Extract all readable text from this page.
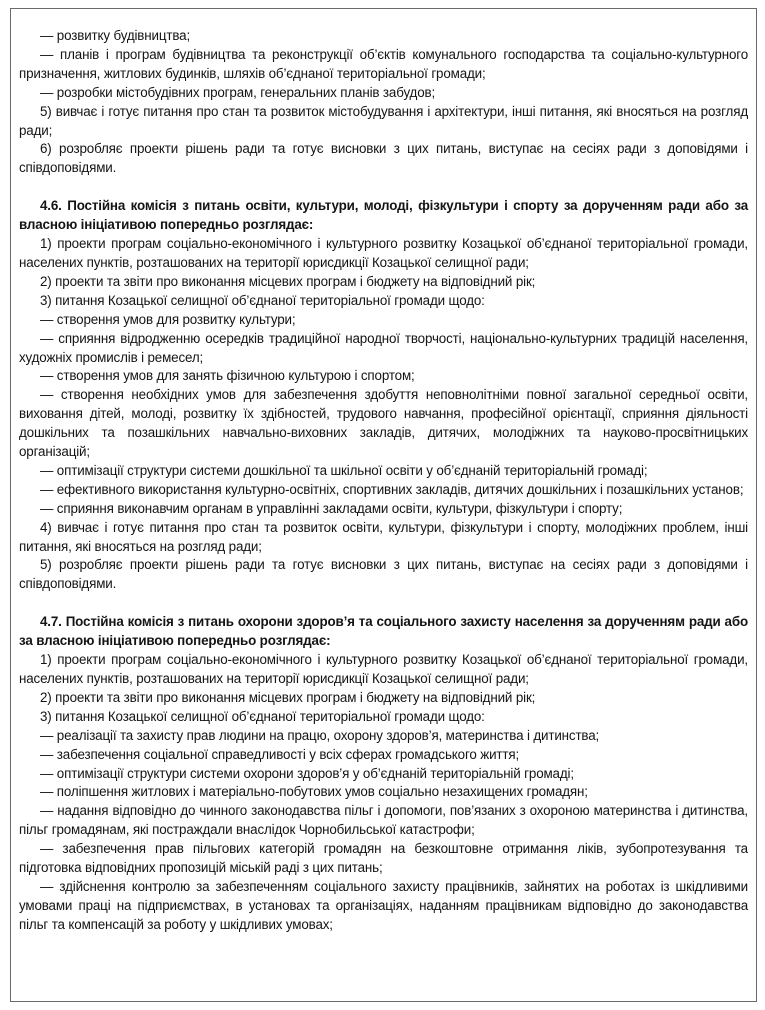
— розвитку будівництва;

— планів і програм будівництва та реконструкції об’єктів комунального господарства та соціально-культурного призначення, житлових будинків, шляхів об’єднаної територіальної громади;

— розробки містобудівних програм, генеральних планів забудов;

5) вивчає і готує питання про стан та розвиток містобудування і архітектури, інші питання, які вносяться на розгляд ради;

6) розробляє проекти рішень ради та готує висновки з цих питань, виступає на сесіях ради з доповідями і співдоповідями.

4.6. Постійна комісія з питань освіти, культури, молоді, фізкультури і спорту за дорученням ради або за власною ініціативою попередньо розглядає:

1) проекти програм соціально-економічного і культурного розвитку Козацької об’єднаної територіальної громади, населених пунктів, розташованих на території юрисдикції Козацької селищної ради;

2) проекти та звіти про виконання місцевих програм і бюджету на відповідний рік;

3) питання Козацької селищної об’єднаної територіальної громади щодо:

— створення умов для розвитку культури;

— сприяння відродженню осередків традиційної народної творчості, національно-культурних традицій населення, художніх промислів і ремесел;

— створення умов для занять фізичною культурою і спортом;

— створення необхідних умов для забезпечення здобуття неповнолітніми повної загальної середньої освіти, виховання дітей, молоді, розвитку їх здібностей, трудового навчання, професійної орієнтації, сприяння діяльності дошкільних та позашкільних навчально-виховних закладів, дитячих, молодіжних та науково-просвітницьких організацій;

— оптимізації структури системи дошкільної та шкільної освіти у об’єднаній територіальній громаді;

— ефективного використання культурно-освітніх, спортивних закладів, дитячих дошкільних і позашкільних установ;

— сприяння виконавчим органам в управлінні закладами освіти, культури, фізкультури і спорту;

4) вивчає і готує питання про стан та розвиток освіти, культури, фізкультури і спорту, молодіжних проблем, інші питання, які вносяться на розгляд ради;

5) розробляє проекти рішень ради та готує висновки з цих питань, виступає на сесіях ради з доповідями і співдоповідями.

4.7. Постійна комісія з питань охорони здоров’я та соціального захисту населення за дорученням ради або за власною ініціативою попередньо розглядає:

1) проекти програм соціально-економічного і культурного розвитку Козацької об’єднаної територіальної громади, населених пунктів, розташованих на території юрисдикції Козацької селищної ради;

2) проекти та звіти про виконання місцевих програм і бюджету на відповідний рік;

3) питання Козацької селищної об’єднаної територіальної громади щодо:

— реалізації та захисту прав людини на працю, охорону здоров’я, материнства і дитинства;

— забезпечення соціальної справедливості у всіх сферах громадського життя;

— оптимізації структури системи охорони здоров’я у об’єднаній територіальній громаді;

— поліпшення житлових і матеріально-побутових умов соціально незахищених громадян;

— надання відповідно до чинного законодавства пільг і допомоги, пов’язаних з охороною материнства і дитинства, пільг громадянам, які постраждали внаслідок Чорнобильської катастрофи;

— забезпечення прав пільгових категорій громадян на безкоштовне отримання ліків, зубопротезування та підготовка відповідних пропозицій міській раді з цих питань;

— здійснення контролю за забезпеченням соціального захисту працівників, зайнятих на роботах із шкідливими умовами праці на підприємствах, в установах та організаціях, наданням працівникам відповідно до законодавства пільг та компенсацій за роботу у шкідливих умовах;
